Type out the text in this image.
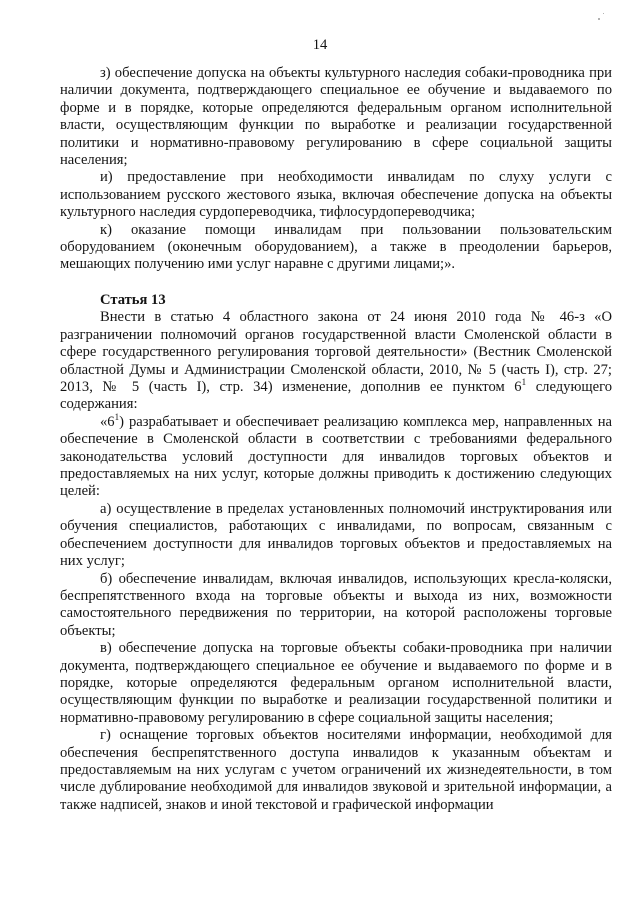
14

з) обеспечение допуска на объекты культурного наследия собаки-проводника при наличии документа, подтверждающего специальное ее обучение и выдаваемого по форме и в порядке, которые определяются федеральным органом исполнительной власти, осуществляющим функции по выработке и реализации государственной политики и нормативно-правовому регулированию в сфере социальной защиты населения;

и) предоставление при необходимости инвалидам по слуху услуги с использованием русского жестового языка, включая обеспечение допуска на объекты культурного наследия сурдопереводчика, тифлосурдопереводчика;

к) оказание помощи инвалидам при пользовании пользовательским оборудованием (оконечным оборудованием), а также в преодолении барьеров, мешающих получению ими услуг наравне с другими лицами;».

Статья 13

Внести в статью 4 областного закона от 24 июня 2010 года № 46-з «О разграничении полномочий органов государственной власти Смоленской области в сфере государственного регулирования торговой деятельности» (Вестник Смоленской областной Думы и Администрации Смоленской области, 2010, № 5 (часть I), стр. 27; 2013, № 5 (часть I), стр. 34) изменение, дополнив ее пунктом $6^1$ следующего содержания:

«$6^1$) разрабатывает и обеспечивает реализацию комплекса мер, направленных на обеспечение в Смоленской области в соответствии с требованиями федерального законодательства условий доступности для инвалидов торговых объектов и предоставляемых на них услуг, которые должны приводить к достижению следующих целей:

а) осуществление в пределах установленных полномочий инструктирования или обучения специалистов, работающих с инвалидами, по вопросам, связанным с обеспечением доступности для инвалидов торговых объектов и предоставляемых на них услуг;

б) обеспечение инвалидам, включая инвалидов, использующих кресла-коляски, беспрепятственного входа на торговые объекты и выхода из них, возможности самостоятельного передвижения по территории, на которой расположены торговые объекты;

в) обеспечение допуска на торговые объекты собаки-проводника при наличии документа, подтверждающего специальное ее обучение и выдаваемого по форме и в порядке, которые определяются федеральным органом исполнительной власти, осуществляющим функции по выработке и реализации государственной политики и нормативно-правовому регулированию в сфере социальной защиты населения;

г) оснащение торговых объектов носителями информации, необходимой для обеспечения беспрепятственного доступа инвалидов к указанным объектам и предоставляемым на них услугам с учетом ограничений их жизнедеятельности, в том числе дублирование необходимой для инвалидов звуковой и зрительной информации, а также надписей, знаков и иной текстовой и графической информации
